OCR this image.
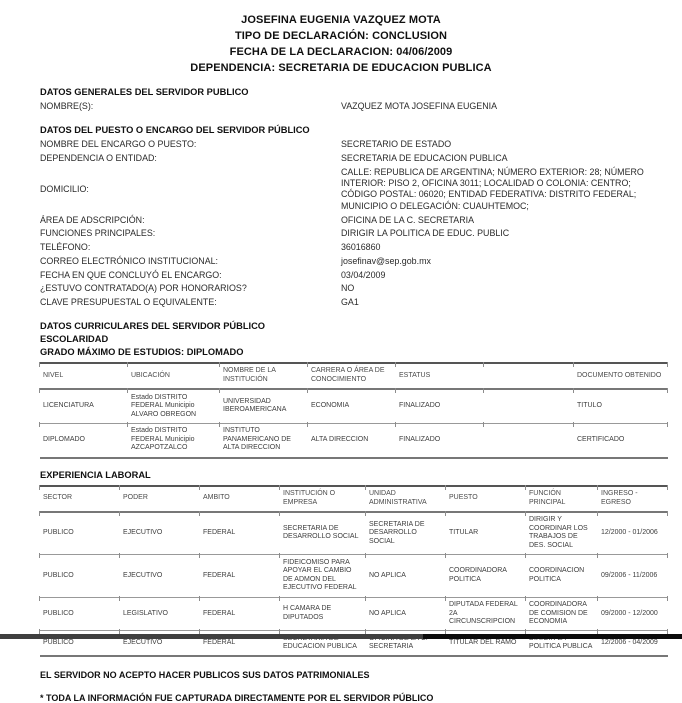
JOSEFINA EUGENIA VAZQUEZ MOTA
TIPO DE DECLARACIÓN: CONCLUSION
FECHA DE LA DECLARACION: 04/06/2009
DEPENDENCIA: SECRETARIA DE EDUCACION PUBLICA
DATOS GENERALES DEL SERVIDOR PUBLICO
NOMBRE(S):	VAZQUEZ MOTA JOSEFINA EUGENIA
DATOS DEL PUESTO O ENCARGO DEL SERVIDOR PÚBLICO
NOMBRE DEL ENCARGO O PUESTO:	SECRETARIO DE ESTADO
DEPENDENCIA O ENTIDAD:	SECRETARIA DE EDUCACION PUBLICA
DOMICILIO:
CALLE: REPUBLICA DE ARGENTINA; NÚMERO EXTERIOR: 28; NÚMERO INTERIOR: PISO 2, OFICINA 3011; LOCALIDAD O COLONIA: CENTRO; CÓDIGO POSTAL: 06020; ENTIDAD FEDERATIVA: DISTRITO FEDERAL; MUNICIPIO O DELEGACIÓN: CUAUHTEMOC;
ÁREA DE ADSCRIPCIÓN:	OFICINA DE LA C. SECRETARIA
FUNCIONES PRINCIPALES:	DIRIGIR LA POLITICA DE EDUC. PUBLIC
TELÉFONO:	36016860
CORREO ELECTRÓNICO INSTITUCIONAL:	josefinav@sep.gob.mx
FECHA EN QUE CONCLUYÓ EL ENCARGO:	03/04/2009
¿ESTUVO CONTRATADO(A) POR HONORARIOS?	NO
CLAVE PRESUPUESTAL O EQUIVALENTE:	GA1
DATOS CURRICULARES DEL SERVIDOR PÚBLICO
ESCOLARIDAD
GRADO MÁXIMO DE ESTUDIOS: DIPLOMADO
NIVEL	UBICACIÓN	NOMBRE DE LA INSTITUCIÓN	CARRERA O ÁREA DE CONOCIMIENTO	ESTATUS		DOCUMENTO OBTENIDO
LICENCIATURA	Estado DISTRITO FEDERAL Municipio ALVARO OBREGON	UNIVERSIDAD IBEROAMERICANA	ECONOMIA	FINALIZADO		TITULO
DIPLOMADO	Estado DISTRITO FEDERAL Municipio AZCAPOTZALCO	INSTITUTO PANAMERICANO DE ALTA DIRECCION	ALTA DIRECCION	FINALIZADO		CERTIFICADO
EXPERIENCIA LABORAL
SECTOR	PODER	AMBITO	INSTITUCIÓN O EMPRESA	UNIDAD ADMINISTRATIVA	PUESTO	FUNCIÓN PRINCIPAL	INGRESO - EGRESO
PUBLICO	EJECUTIVO	FEDERAL	SECRETARIA DE DESARROLLO SOCIAL	SECRETARIA DE DESARROLLO SOCIAL	TITULAR	DIRIGIR Y COORDINAR LOS TRABAJOS DE DES. SOCIAL	12/2000 - 01/2006
PUBLICO	EJECUTIVO	FEDERAL	FIDEICOMISO PARA APOYAR EL CAMBIO DE ADMON DEL EJECUTIVO FEDERAL	NO APLICA	COORDINADORA POLITICA	COORDINACION POLITICA	09/2006 - 11/2006
PUBLICO	LEGISLATIVO	FEDERAL	H CAMARA DE DIPUTADOS	NO APLICA	DIPUTADA FEDERAL 2A CIRCUNSCRIPCION	COORDINADORA DE COMISION DE ECONOMIA	09/2000 - 12/2000
PUBLICO	EJECUTIVO	FEDERAL	EDUCACION PUBLICA	SECRETARIA	TITULAR DEL RAMO	POLITICA PUBLICA	12/2006 - 04/2009
EL SERVIDOR NO ACEPTO HACER PUBLICOS SUS DATOS PATRIMONIALES
* TODA LA INFORMACIÓN FUE CAPTURADA DIRECTAMENTE POR EL SERVIDOR PÚBLICO
